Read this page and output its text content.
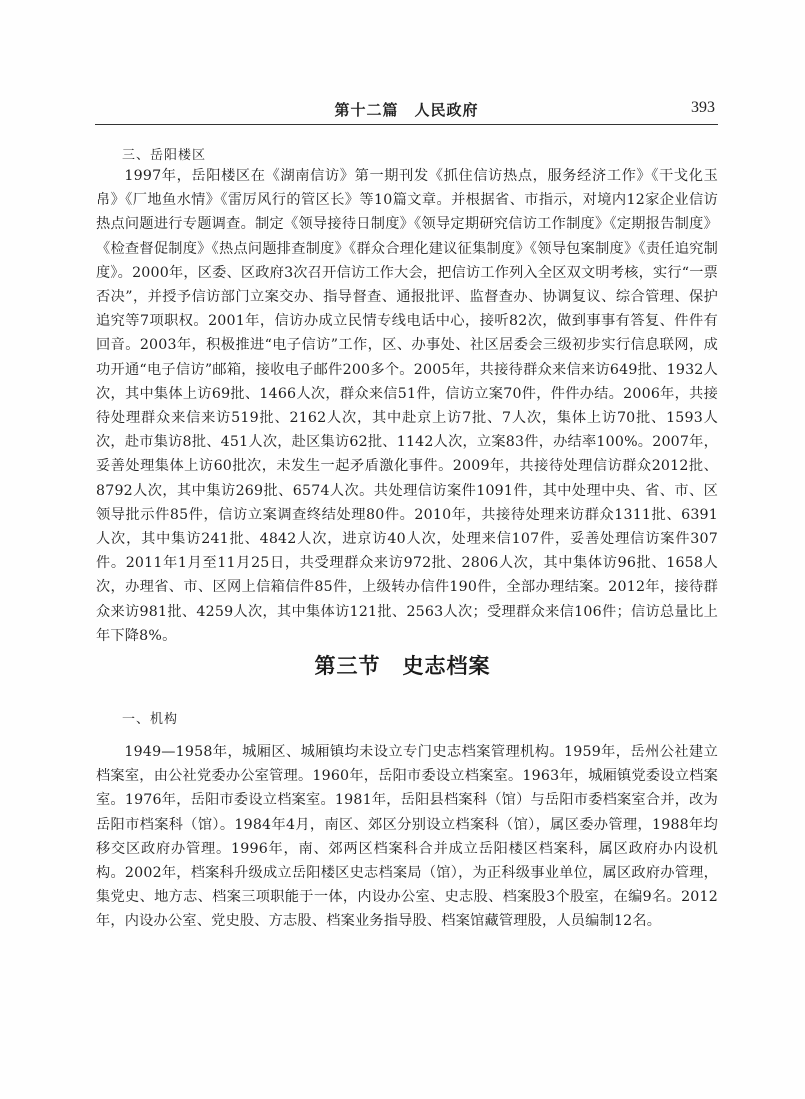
第十二篇　人民政府	393
三、岳阳楼区

1997年，岳阳楼区在《湖南信访》第一期刊发《抓住信访热点，服务经济工作》《干戈化玉帛》《厂地鱼水情》《雷厉风行的管区长》等10篇文章。并根据省、市指示，对境内12家企业信访热点问题进行专题调查。制定《领导接待日制度》《领导定期研究信访工作制度》《定期报告制度》《检查督促制度》《热点问题排查制度》《群众合理化建议征集制度》《领导包案制度》《责任追究制度》。2000年，区委、区政府3次召开信访工作大会，把信访工作列入全区双文明考核，实行“一票否决”，并授予信访部门立案交办、指导督查、通报批评、监督查办、协调复议、综合管理、保护追究等7项职权。2001年，信访办成立民情专线电话中心，接听82次，做到事事有答复、件件有回音。2003年，积极推进“电子信访”工作，区、办事处、社区居委会三级初步实行信息联网，成功开通“电子信访”邮箱，接收电子邮件200多个。2005年，共接待群众来信来访649批、1932人次，其中集体上访69批、1466人次，群众来信51件，信访立案70件，件件办结。2006年，共接待处理群众来信来访519批、2162人次，其中赴京上访7批、7人次，集体上访70批、1593人次，赴市集访8批、451人次，赴区集访62批、1142人次，立案83件，办结率100%。2007年，妥善处理集体上访60批次，未发生一起矛盾激化事件。2009年，共接待处理信访群众2012批、8792人次，其中集访269批、6574人次。共处理信访案件1091件，其中处理中央、省、市、区领导批示件85件，信访立案调查终结处理80件。2010年，共接待处理来访群众1311批、6391人次，其中集访241批、4842人次，进京访40人次，处理来信107件，妥善处理信访案件307件。2011年1月至11月25日，共受理群众来访972批、2806人次，其中集体访96批、1658人次，办理省、市、区网上信箱信件85件，上级转办信件190件，全部办理结案。2012年，接待群众来访981批、4259人次，其中集体访121批、2563人次；受理群众来信106件；信访总量比上年下降8%。

第三节 史志档案
一、机构

1949—1958年，城厢区、城厢镇均未设立专门史志档案管理机构。1959年，岳州公社建立档案室，由公社党委办公室管理。1960年，岳阳市委设立档案室。1963年，城厢镇党委设立档案室。1976年，岳阳市委设立档案室。1981年，岳阳县档案科（馆）与岳阳市委档案室合并，改为岳阳市档案科（馆）。1984年4月，南区、郊区分别设立档案科（馆），属区委办管理，1988年均移交区政府办管理。1996年，南、郊两区档案科合并成立岳阳楼区档案科，属区政府办内设机构。2002年，档案科升级成立岳阳楼区史志档案局（馆），为正科级事业单位，属区政府办管理，集党史、地方志、档案三项职能于一体，内设办公室、史志股、档案股3个股室，在编9名。2012年，内设办公室、党史股、方志股、档案业务指导股、档案馆藏管理股，人员编制12名。
